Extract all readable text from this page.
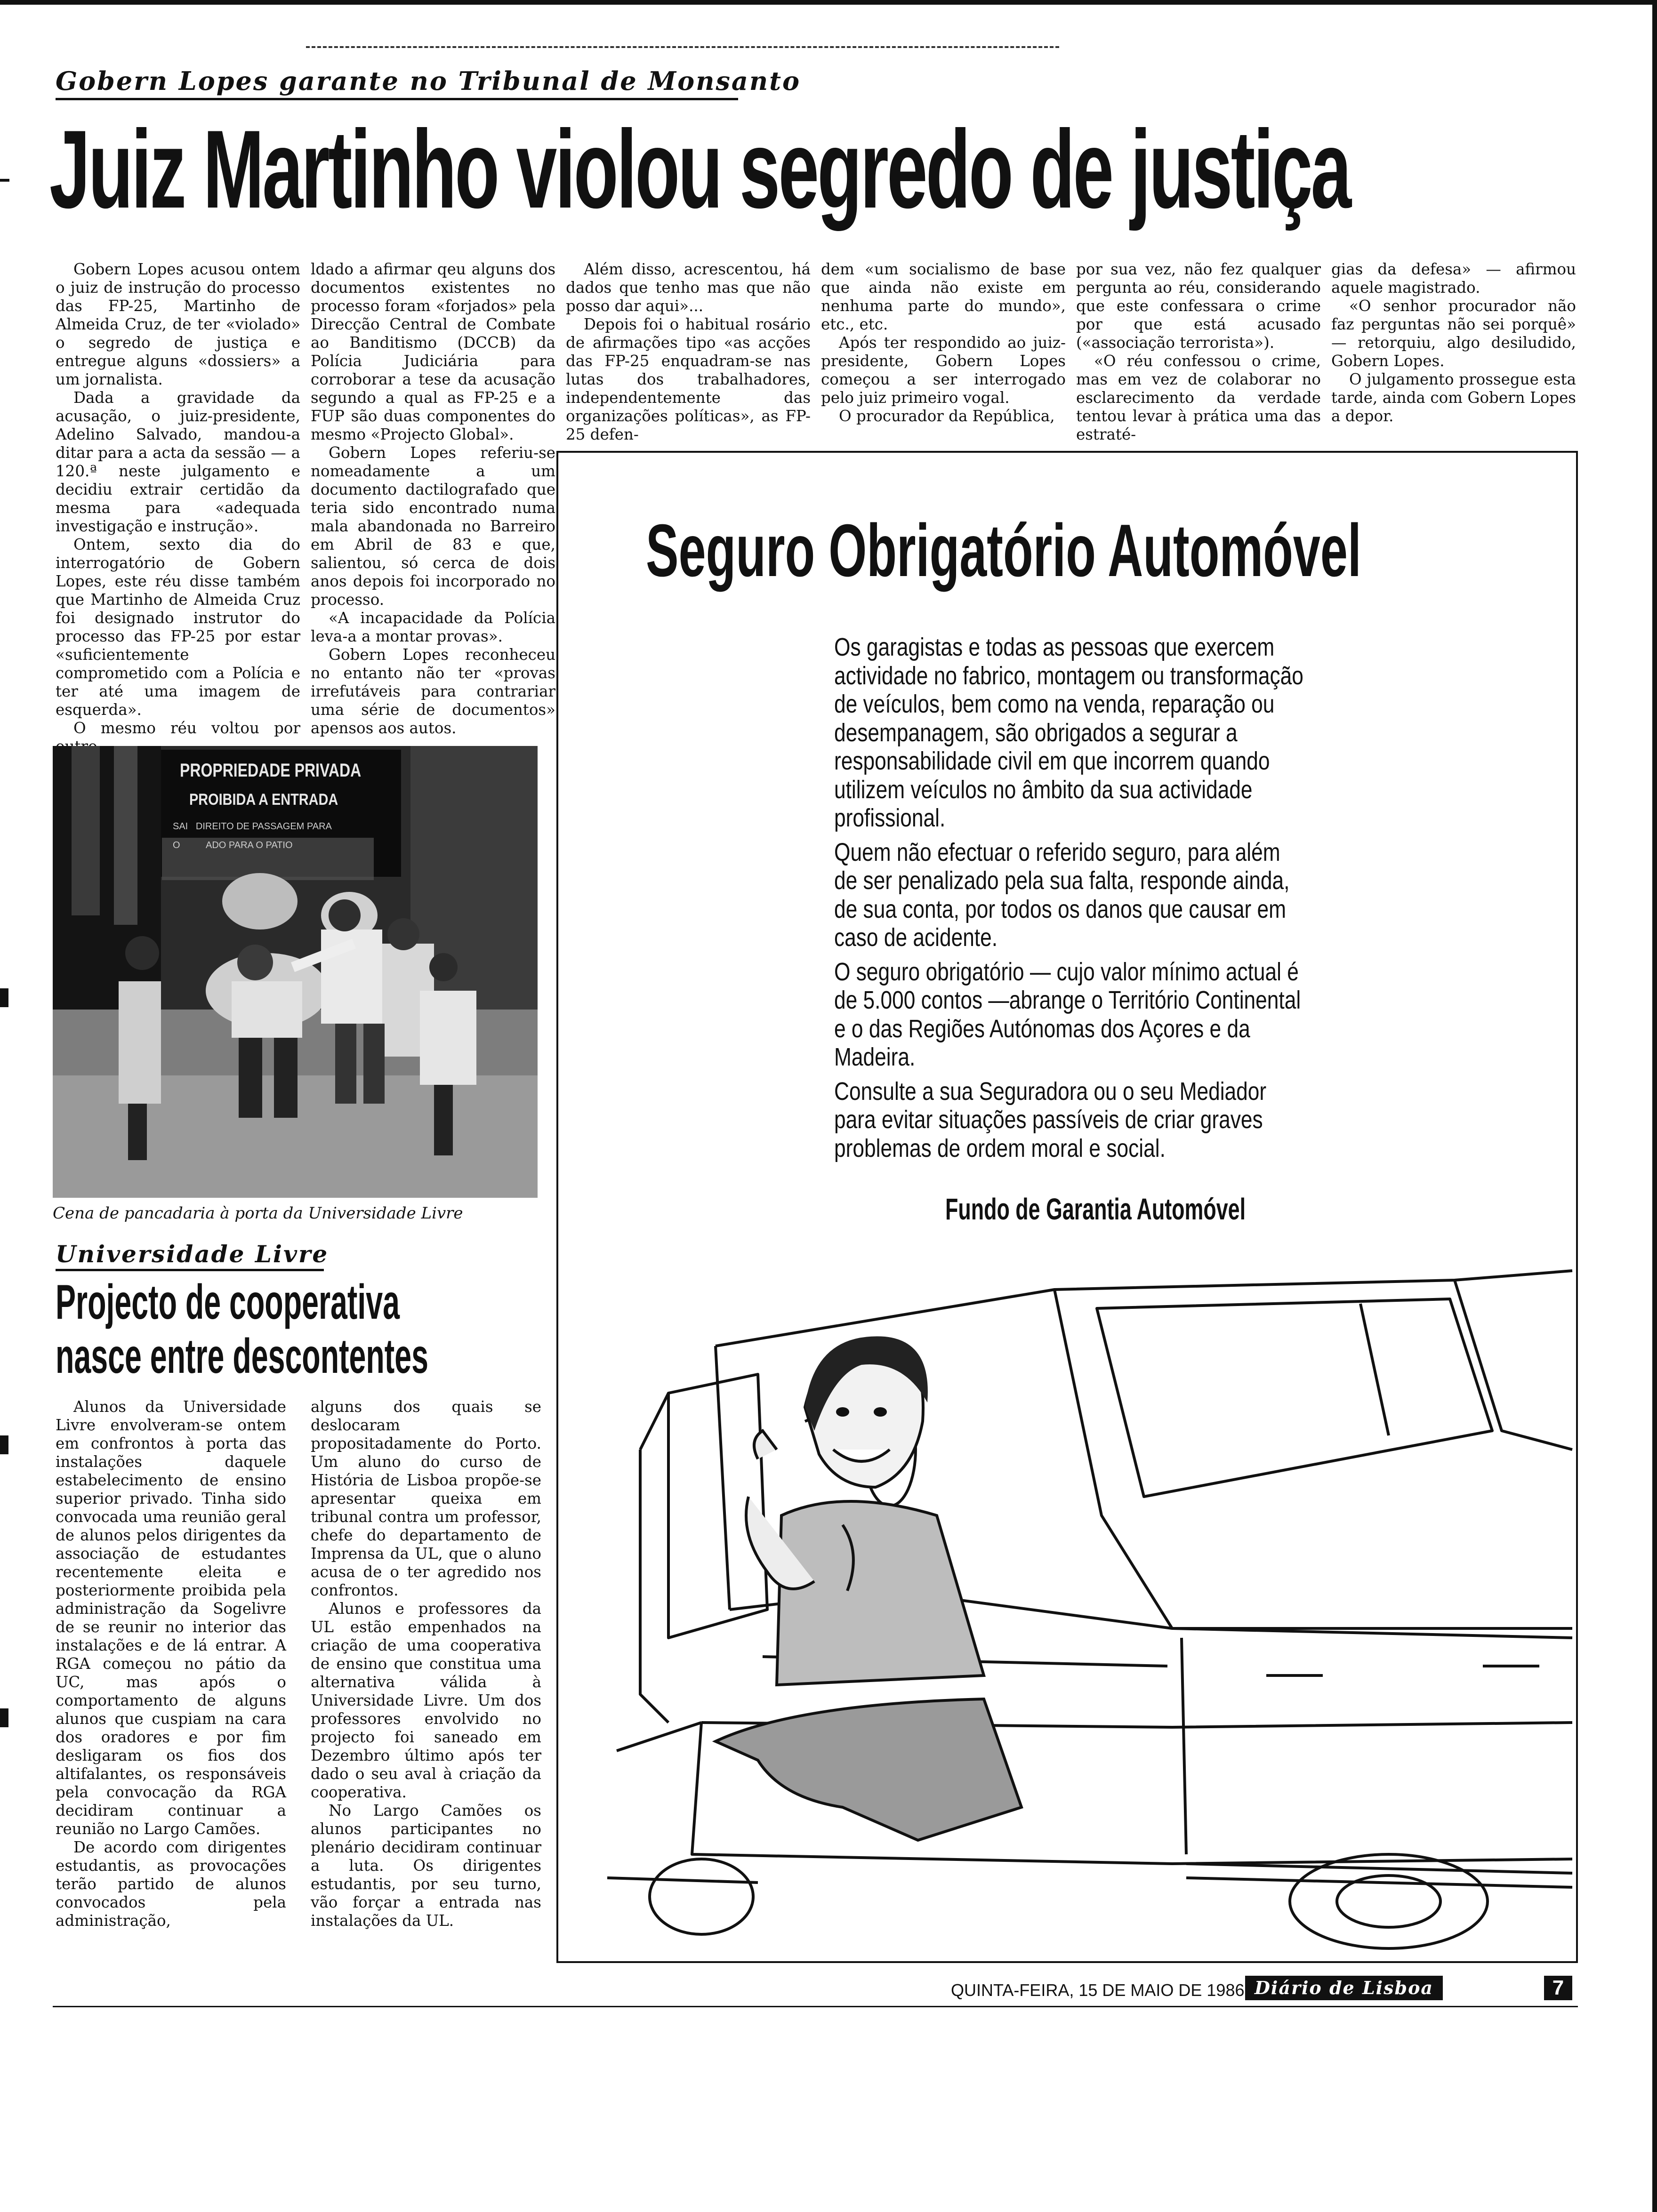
Gobern Lopes garante no Tribunal de Monsanto
Juiz Martinho violou segredo de justiça

Gobern Lopes acusou ontem o juiz de instrução do processo das FP-25, Martinho de Almeida Cruz, de ter «violado» o segredo de justiça e entregue alguns «dossiers» a um jornalista.

Dada a gravidade da acusação, o juiz-presidente, Adelino Salvado, mandou-a ditar para a acta da sessão — a 120.ª neste julgamento e decidiu extrair certidão da mesma para «adequada investigação e instrução».

Ontem, sexto dia do interrogatório de Gobern Lopes, este réu disse também que Martinho de Almeida Cruz foi designado instrutor do processo das FP-25 por estar «suficientemente comprometido com a Polícia e ter até uma imagem de esquerda».

O mesmo réu voltou por

ldado a afirmar qeu alguns dos documentos existentes no processo foram «forjados» pela Direcção Central de Combate ao Banditismo (DCCB) da Polícia Judiciária para corroborar a tese da acusação segundo a qual as FP-25 e a FUP são duas componentes do mesmo «Projecto Global».

Gobern Lopes referiu-se nomeadamente a um documento dactilografado que teria sido encontrado numa mala abandonada no Barreiro em Abril de 83 e que, salientou, só cerca de dois anos depois foi incorporado no processo.

«A incapacidade da Polícia leva-a a montar provas».

Gobern Lopes reconheceu no entanto não ter «provas irrefutáveis para contrariar uma série de documentos» apensos aos autos.

Além disso, acrescentou, há dados que tenho mas que não posso dar aqui»...

Depois foi o habitual rosário de afirmações tipo «as acções das FP-25 enquadram-se nas lutas dos trabalhadores, independentemente das organizações políticas», as FP-25 defen-

dem «um socialismo de base que ainda não existe em nenhuma parte do mundo», etc., etc.

Após ter respondido ao juiz-presidente, Gobern Lopes começou a ser interrogado pelo juiz primeiro vogal.

O procurador da República,

por sua vez, não fez qualquer pergunta ao réu, considerando que este confessara o crime por que está acusado («associação terrorista»).

«O réu confessou o crime, mas em vez de colaborar no esclarecimento da verdade tentou levar à prática uma das estraté-

gias da defesa» — afirmou aquele magistrado.

«O senhor procurador não faz perguntas não sei porquê» — retorquiu, algo desiludido, Gobern Lopes.

O julgamento prossegue esta tarde, ainda com Gobern Lopes a depor.

PROPRIEDADE PRIVADA
PROIBIDA A ENTRADA
SAI   DIREITO DE PASSAGEM PARA
O          ADO PARA O PATIO
Cena de pancadaria à porta da Universidade Livre
Universidade Livre
Projecto de cooperativa
nasce entre descontentes

Alunos da Universidade Livre envolveram-se ontem em confrontos à porta das instalações daquele estabelecimento de ensino superior privado. Tinha sido convocada uma reunião geral de alunos pelos dirigentes da associação de estudantes recentemente eleita e posteriormente proibida pela administração da Sogelivre de se reunir no interior das instalações e de lá entrar. A RGA começou no pátio da UC, mas após o comportamento de alguns alunos que cuspiam na cara dos oradores e por fim desligaram os fios dos altifalantes, os responsáveis pela convocação da RGA decidiram continuar a reunião no Largo Camões.

De acordo com dirigentes estudantis, as provocações terão partido de alunos convocados pela administração,

alguns dos quais se deslocaram propositadamente do Porto. Um aluno do curso de História de Lisboa propõe-se apresentar queixa em tribunal contra um professor, chefe do departamento de Imprensa da UL, que o aluno acusa de o ter agredido nos confrontos.

Alunos e professores da UL estão empenhados na criação de uma cooperativa de ensino que constitua uma alternativa válida à Universidade Livre. Um dos professores envolvido no projecto foi saneado em Dezembro último após ter dado o seu aval à criação da cooperativa.

No Largo Camões os alunos participantes no plenário decidiram continuar a luta. Os dirigentes estudantis, por seu turno, vão forçar a entrada nas instalações da UL.

Seguro Obrigatório Automóvel

Os garagistas e todas as pessoas que exercem actividade no fabrico, montagem ou transformação de veículos, bem como na venda, reparação ou desempanagem, são obrigados a segurar a responsabilidade civil em que incorrem quando utilizem veículos no âmbito da sua actividade profissional.

Quem não efectuar o referido seguro, para além de ser penalizado pela sua falta, responde ainda, de sua conta, por todos os danos que causar em caso de acidente.

O seguro obrigatório — cujo valor mínimo actual é de 5.000 contos —abrange o Território Continental e o das Regiões Autónomas dos Açores e da Madeira.

Consulte a sua Seguradora ou o seu Mediador para evitar situações passíveis de criar graves problemas de ordem moral e social.

Fundo de Garantia Automóvel
QUINTA-FEIRA, 15 DE MAIO DE 1986 Diário de Lisboa	7
